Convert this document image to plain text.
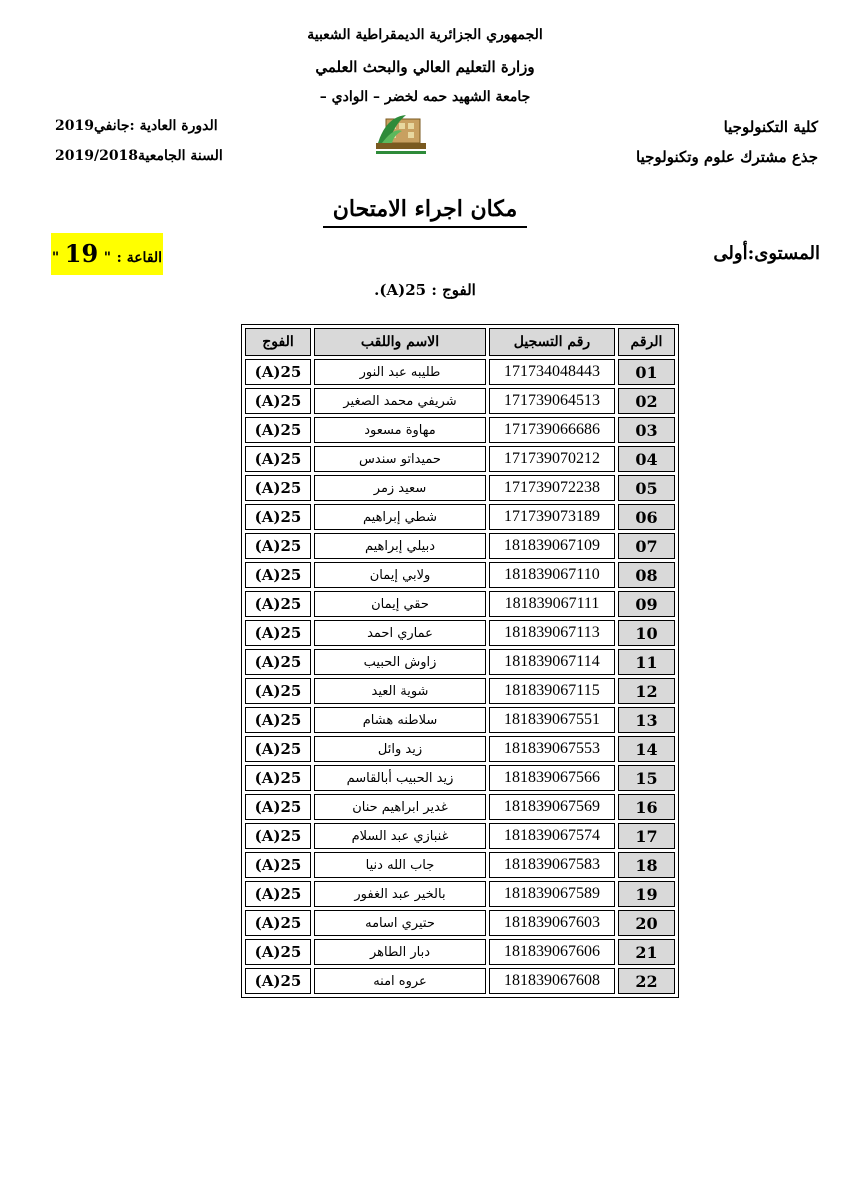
الجمهوري الجزائرية الديمقراطية الشعبية
وزارة التعليم العالي والبحث العلمي
جامعة الشهيد حمه لخضر – الوادي –
كلية التكنولوجيا
جذع مشترك علوم وتكنولوجيا
الدورة العادية :جانفي2019
السنة الجامعية2019/2018
مكان اجراء الامتحان
المستوى:أولى
القاعة : " 19 "
الفوج : 25(A).
الرقم	رقم التسجيل	الاسم واللقب	الفوج
01	171734048443	طليبه عبد النور	25(A)
02	171739064513	شريفي محمد الصغير	25(A)
03	171739066686	مهاوة مسعود	25(A)
04	171739070212	حميداتو سندس	25(A)
05	171739072238	سعيد زمر	25(A)
06	171739073189	شطي إبراهيم	25(A)
07	181839067109	دبيلي إبراهيم	25(A)
08	181839067110	ولابي إيمان	25(A)
09	181839067111	حقي إيمان	25(A)
10	181839067113	عماري احمد	25(A)
11	181839067114	زاوش الحبيب	25(A)
12	181839067115	شوية العيد	25(A)
13	181839067551	سلاطنه هشام	25(A)
14	181839067553	زيد وائل	25(A)
15	181839067566	زيد الحبيب أبالقاسم	25(A)
16	181839067569	غدير ابراهيم حنان	25(A)
17	181839067574	غنبازي عبد السلام	25(A)
18	181839067583	جاب الله دنيا	25(A)
19	181839067589	بالخير عبد الغفور	25(A)
20	181839067603	حتيري اسامه	25(A)
21	181839067606	دبار الطاهر	25(A)
22	181839067608	عروه امنه	25(A)
